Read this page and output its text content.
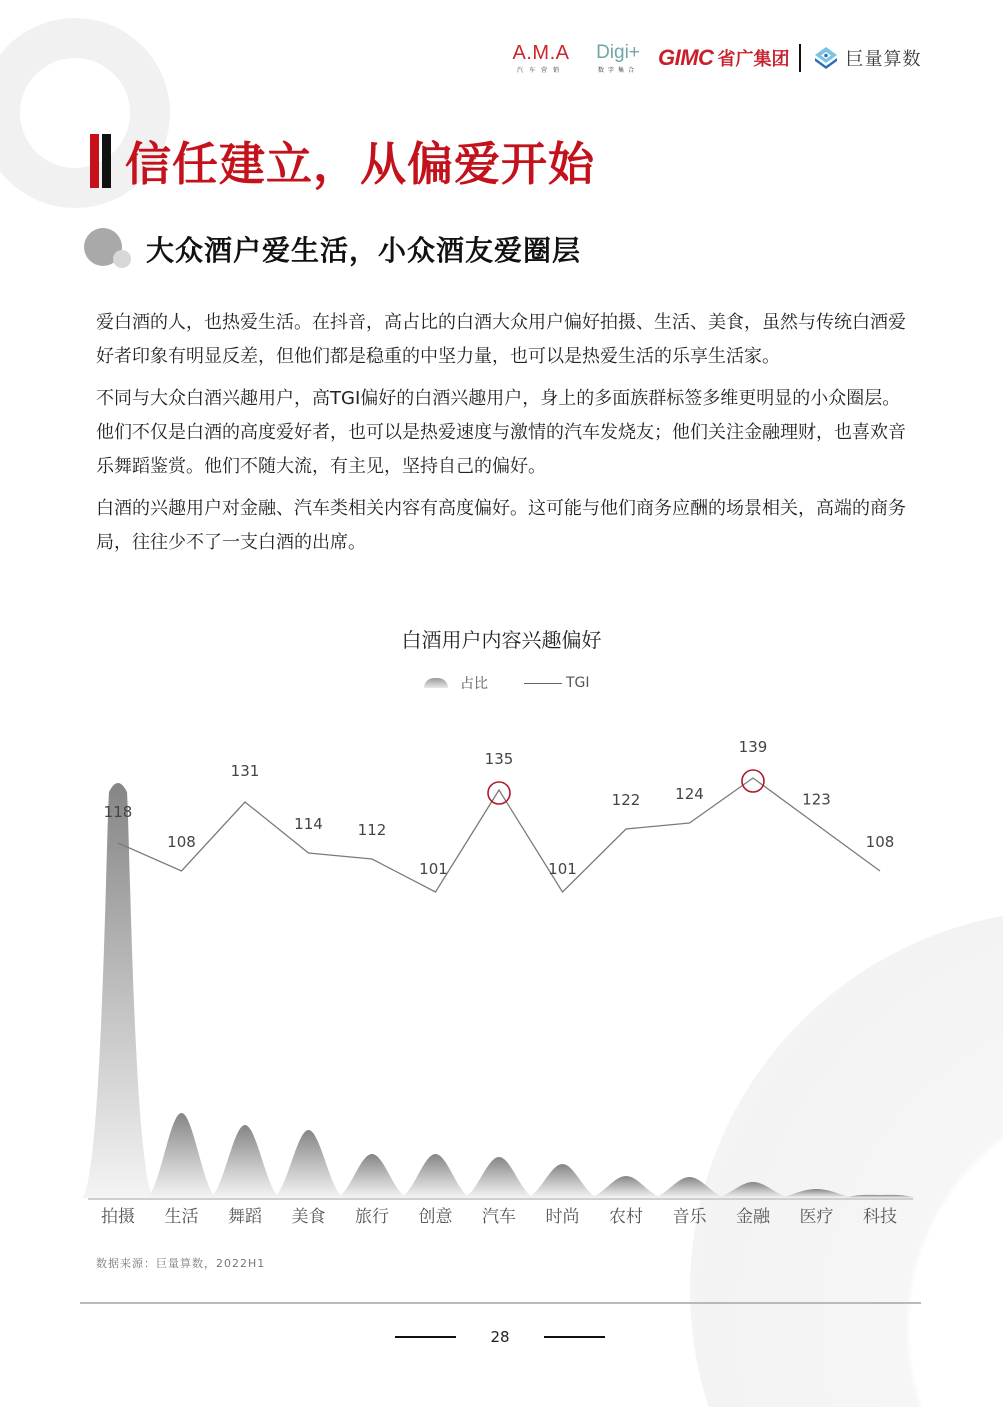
A.M.A
汽车营销
Digi+
数字集合 GIMC 省广集团	巨量算数
信任建立，从偏爱开始
大众酒户爱生活，小众酒友爱圈层

爱白酒的人，也热爱生活。在抖音，高占比的白酒大众用户偏好拍摄、生活、美食，虽然与传统白酒爱好者印象有明显反差，但他们都是稳重的中坚力量，也可以是热爱生活的乐享生活家。

不同与大众白酒兴趣用户，高TGI偏好的白酒兴趣用户，身上的多面族群标签多维更明显的小众圈层。他们不仅是白酒的高度爱好者，也可以是热爱速度与激情的汽车发烧友；他们关注金融理财，也喜欢音乐舞蹈鉴赏。他们不随大流，有主见，坚持自己的偏好。

白酒的兴趣用户对金融、汽车类相关内容有高度偏好。这可能与他们商务应酬的场景相关，高端的商务局，往往少不了一支白酒的出席。

白酒用户内容兴趣偏好
占比	TGI
拍摄 生活 舞蹈 美食 旅行 创意 汽车 时尚 农村 音乐 金融 医疗 科技
118
108
131
114 112
101
135
101
122 124
139
123
108
数据来源：巨量算数，2022H1
28
